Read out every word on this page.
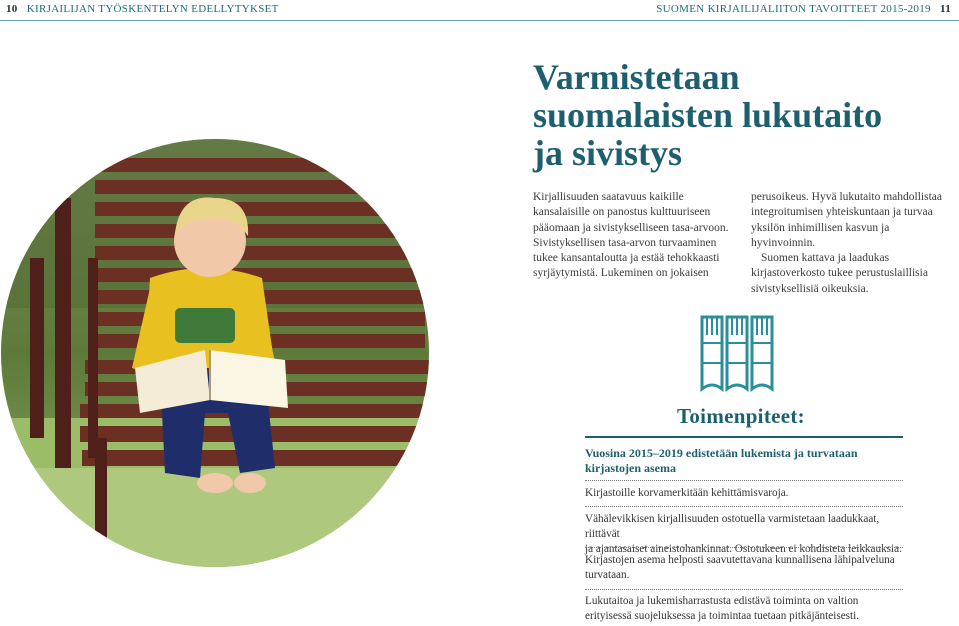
10 KIRJAILIJAN TYÖSKENTELYN EDELLYTYKSET	SUOMEN KIRJAILIJALIITON TAVOITTEET 2015-2019 11
Varmistetaan
suomalaisten lukutaito
ja sivistys

Kirjallisuuden saatavuus kaikille
kansalaisille on panostus kulttuuriseen
pääomaan ja sivistykselliseen tasa-arvoon.
Sivistyksellisen tasa-arvon turvaaminen
tukee kansantaloutta ja estää tehokkaasti
syrjäytymistä. Lukeminen on jokaisen

perusoikeus. Hyvä lukutaito mahdollistaa
integroitumisen yhteiskuntaan ja turvaa
yksilön inhimillisen kasvun ja hyvinvoinnin.

Suomen kattava ja laadukas
kirjastoverkosto tukee perustuslaillisia
sivistyksellisiä oikeuksia.

Toimenpiteet:
Vuosina 2015–2019 edistetään lukemista ja turvataan
kirjastojen asema
Kirjastoille korvamerkitään kehittämisvaroja.
Vähälevikkisen kirjallisuuden ostotuella varmistetaan laadukkaat, riittävät
ja ajantasaiset aineistohankinnat. Ostotukeen ei kohdisteta leikkauksia.
Kirjastojen asema helposti saavutettavana kunnallisena lähipalveluna
turvataan.
Lukutaitoa ja lukemisharrastusta edistävä toiminta on valtion
erityisessä suojeluksessa ja toimintaa tuetaan pitkäjänteisesti.
